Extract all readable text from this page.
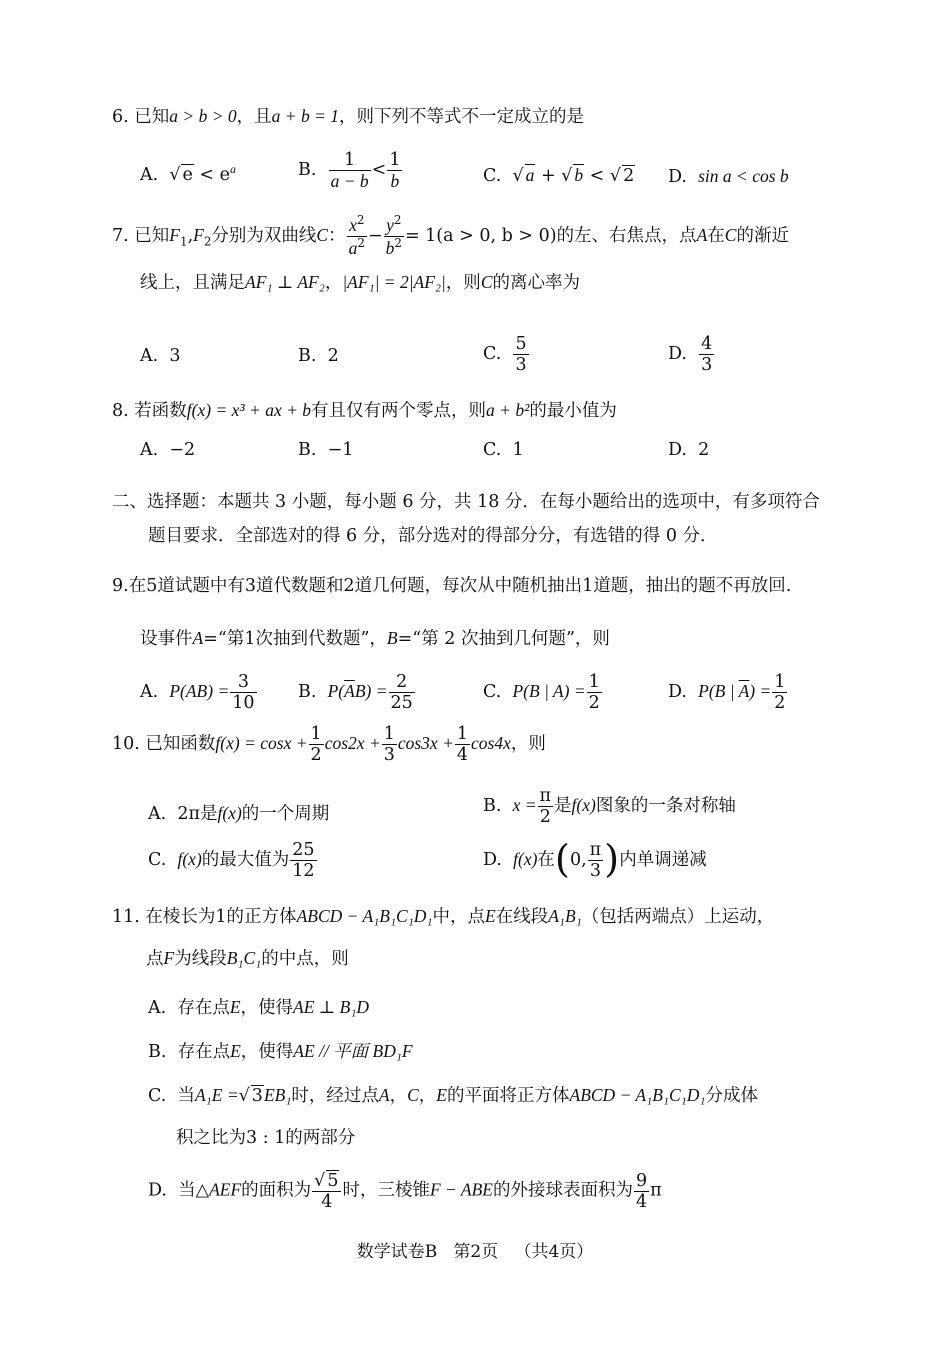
6. 已知a > b > 0，且a + b = 1，则下列不等式不一定成立的是
A.  √ $e < e^a$	B. $\frac{1}{a - b} < \frac{1}{b}$	C.  √ a + √ b < √ 2 D. sin a < cos b
7. 已知$F_1,F_2$分别为双曲线C： $\frac{x^2}{a^2} - \frac{y^2}{b^2} = 1(a > 0$, b > 0)的左、右焦点，点A在C的渐近
线上，且满足AF₁ ⊥ AF₂，|AF₁| = 2|AF₂|，则C的离心率为
A. 3	B. 2	C. $\frac{5}{3}$	D. $\frac{4}{3}$
8. 若函数f(x) = x³ + ax + b有且仅有两个零点，则a + b²的最小值为
A. −2	B. −1	C. 1	D. 2
二、选择题：本题共 3 小题，每小题 6 分，共 18 分．在每小题给出的选项中，有多项符合
题目要求．全部选对的得 6 分，部分选对的得部分分，有选错的得 0 分．
9.在5道试题中有3道代数题和2道几何题，每次从中随机抽出1道题，抽出的题不再放回.
设事件A=“第1次抽到代数题”，B=“第 2 次抽到几何题”，则
A. $P(AB) = \frac{3}{10} B$. $P(\overline{A}B) = \frac{2}{25}$	C. P(B | $A) = \frac{1}{2}$	D. P(B | $\overline{A}) = \frac{1}{2}$
10. 已知函数$f(x) = \cos x + \frac{1}{2} \cos 2x + \frac{1}{3} \cos 3x + \frac{1}{4} \cos 4x$，则
A. 2π是f(x)的一个周期	B. $x = \frac{\pi}{2}$ 是f(x)图象的一条对称轴
C. f(x)的最大值为 $\frac{25}{12}$	D. f(x)在(0, $\frac{\pi}{3}$ )内单调递减
11. 在棱长为1的正方体ABCD − A₁B₁C₁D₁中，点E在线段A₁B₁（包括两端点）上运动，
点F为线段B₁C₁的中点，则
A. 存在点E，使得AE ⊥ B₁D
B. 存在点E，使得AE // 平面 BD₁F
C. 当A₁E =√ 3EB₁时，经过点A，C，E的平面将正方体ABCD − A₁B₁C₁D₁分成体
积之比为3 : 1的两部分
D. 当△AEF的面积为 $\frac{√ 5}{4}$ 时，三棱锥F − ABE的外接球表面积为 $\frac{9}{4}$ π
数学试卷B   第2页   （共4页）
